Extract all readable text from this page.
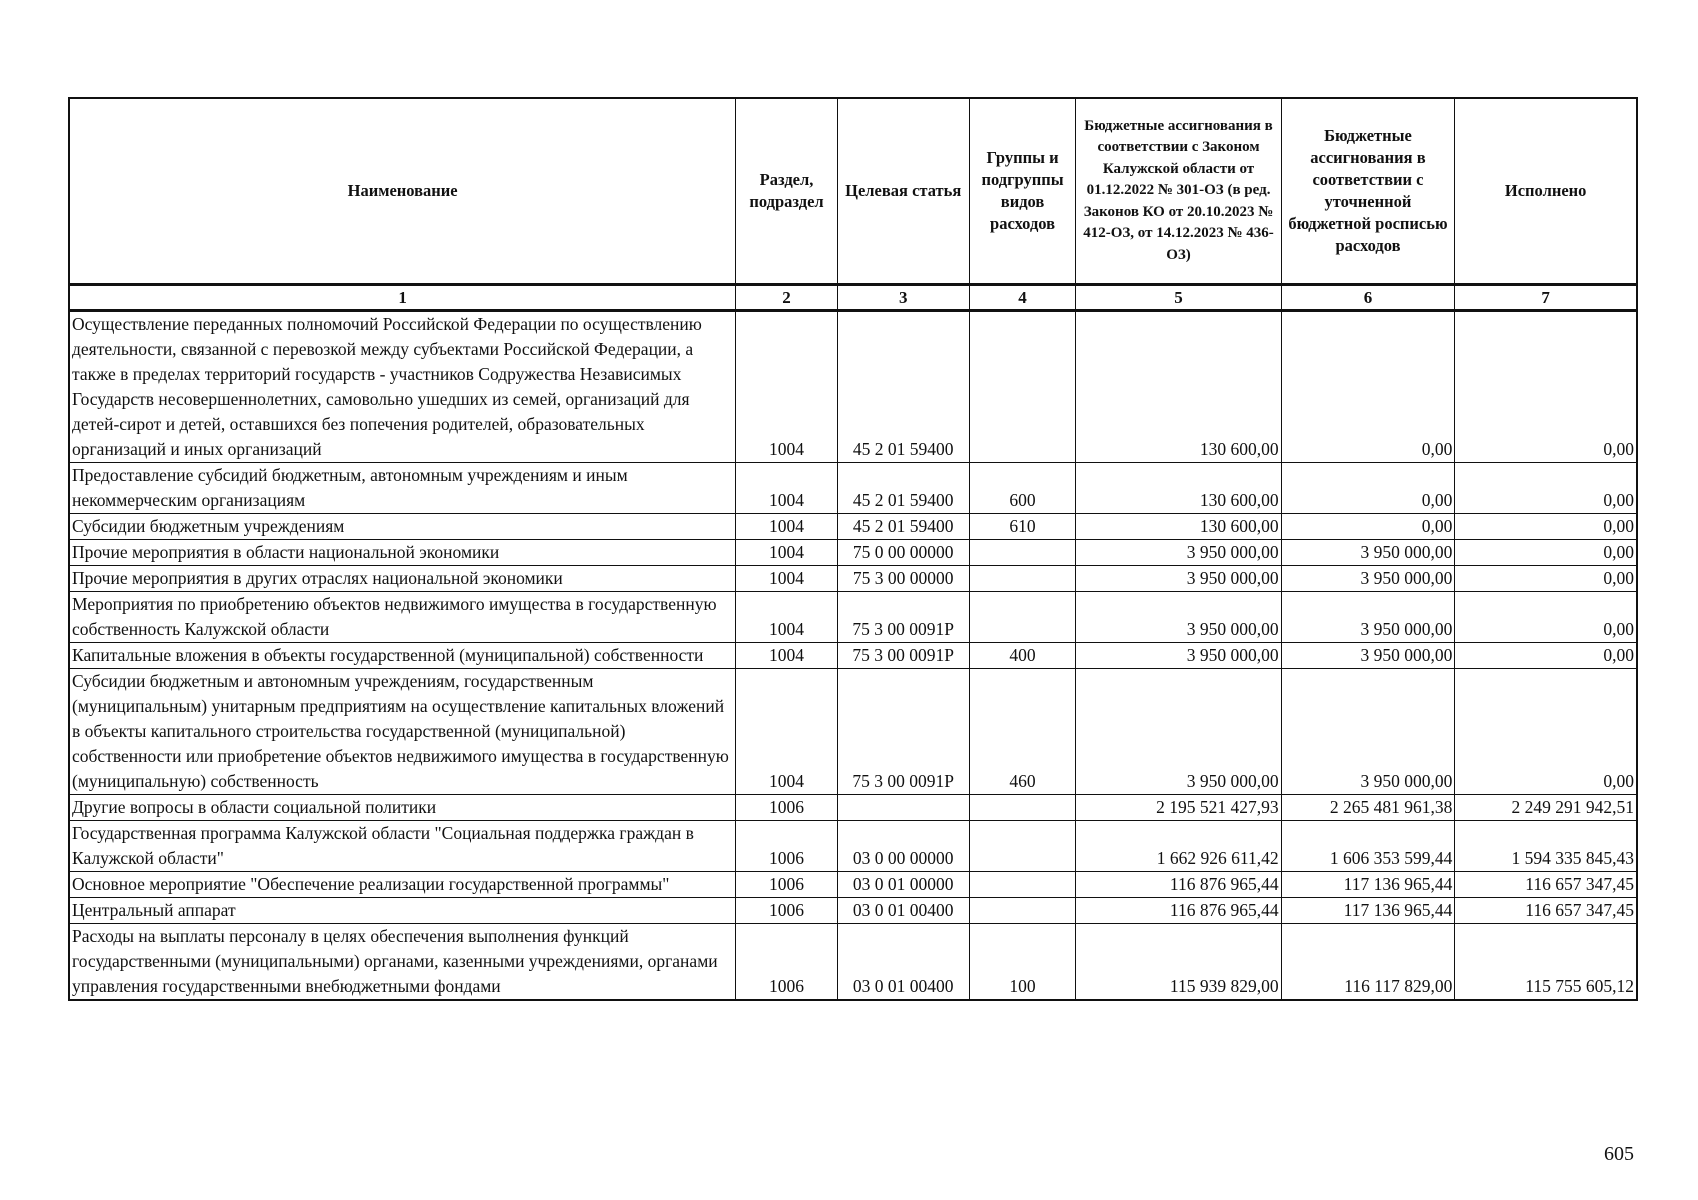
Наименование	Раздел, подраздел	Целевая статья	Группы и подгруппы видов расходов	Бюджетные ассигнования в соответствии с Законом Калужской области от 01.12.2022 № 301-ОЗ (в ред. Законов КО от 20.10.2023 № 412-ОЗ, от 14.12.2023 № 436-ОЗ)	Бюджетные ассигнования в соответствии с уточненной бюджетной росписью расходов	Исполнено
1	2	3	4	5	6	7
Осуществление переданных полномочий Российской Федерации по осуществлению деятельности, связанной с перевозкой между субъектами Российской Федерации, а также в пределах территорий государств - участников Содружества Независимых Государств несовершеннолетних, самовольно ушедших из семей, организаций для детей-сирот и детей, оставшихся без попечения родителей, образовательных организаций и иных организаций	1004	45 2 01 59400		130 600,00	0,00	0,00
Предоставление субсидий бюджетным, автономным учреждениям и иным некоммерческим организациям	1004	45 2 01 59400	600	130 600,00	0,00	0,00
Субсидии бюджетным учреждениям	1004	45 2 01 59400	610	130 600,00	0,00	0,00
Прочие мероприятия в области национальной экономики	1004	75 0 00 00000		3 950 000,00	3 950 000,00	0,00
Прочие мероприятия в других отраслях национальной экономики	1004	75 3 00 00000		3 950 000,00	3 950 000,00	0,00
Мероприятия по приобретению объектов недвижимого имущества в государственную собственность Калужской области	1004	75 3 00 0091P		3 950 000,00	3 950 000,00	0,00
Капитальные вложения в объекты государственной (муниципальной) собственности	1004	75 3 00 0091P	400	3 950 000,00	3 950 000,00	0,00
Субсидии бюджетным и автономным учреждениям, государственным (муниципальным) унитарным предприятиям на осуществление капитальных вложений в объекты капитального строительства государственной (муниципальной) собственности или приобретение объектов недвижимого имущества в государственную (муниципальную) собственность	1004	75 3 00 0091P	460	3 950 000,00	3 950 000,00	0,00
Другие вопросы в области социальной политики	1006			2 195 521 427,93	2 265 481 961,38	2 249 291 942,51
Государственная программа Калужской области "Социальная поддержка граждан в Калужской области"	1006	03 0 00 00000		1 662 926 611,42	1 606 353 599,44	1 594 335 845,43
Основное мероприятие "Обеспечение реализации государственной программы"	1006	03 0 01 00000		116 876 965,44	117 136 965,44	116 657 347,45
Центральный аппарат	1006	03 0 01 00400		116 876 965,44	117 136 965,44	116 657 347,45
Расходы на выплаты персоналу в целях обеспечения выполнения функций государственными (муниципальными) органами, казенными учреждениями, органами управления государственными внебюджетными фондами	1006	03 0 01 00400	100	115 939 829,00	116 117 829,00	115 755 605,12
605
